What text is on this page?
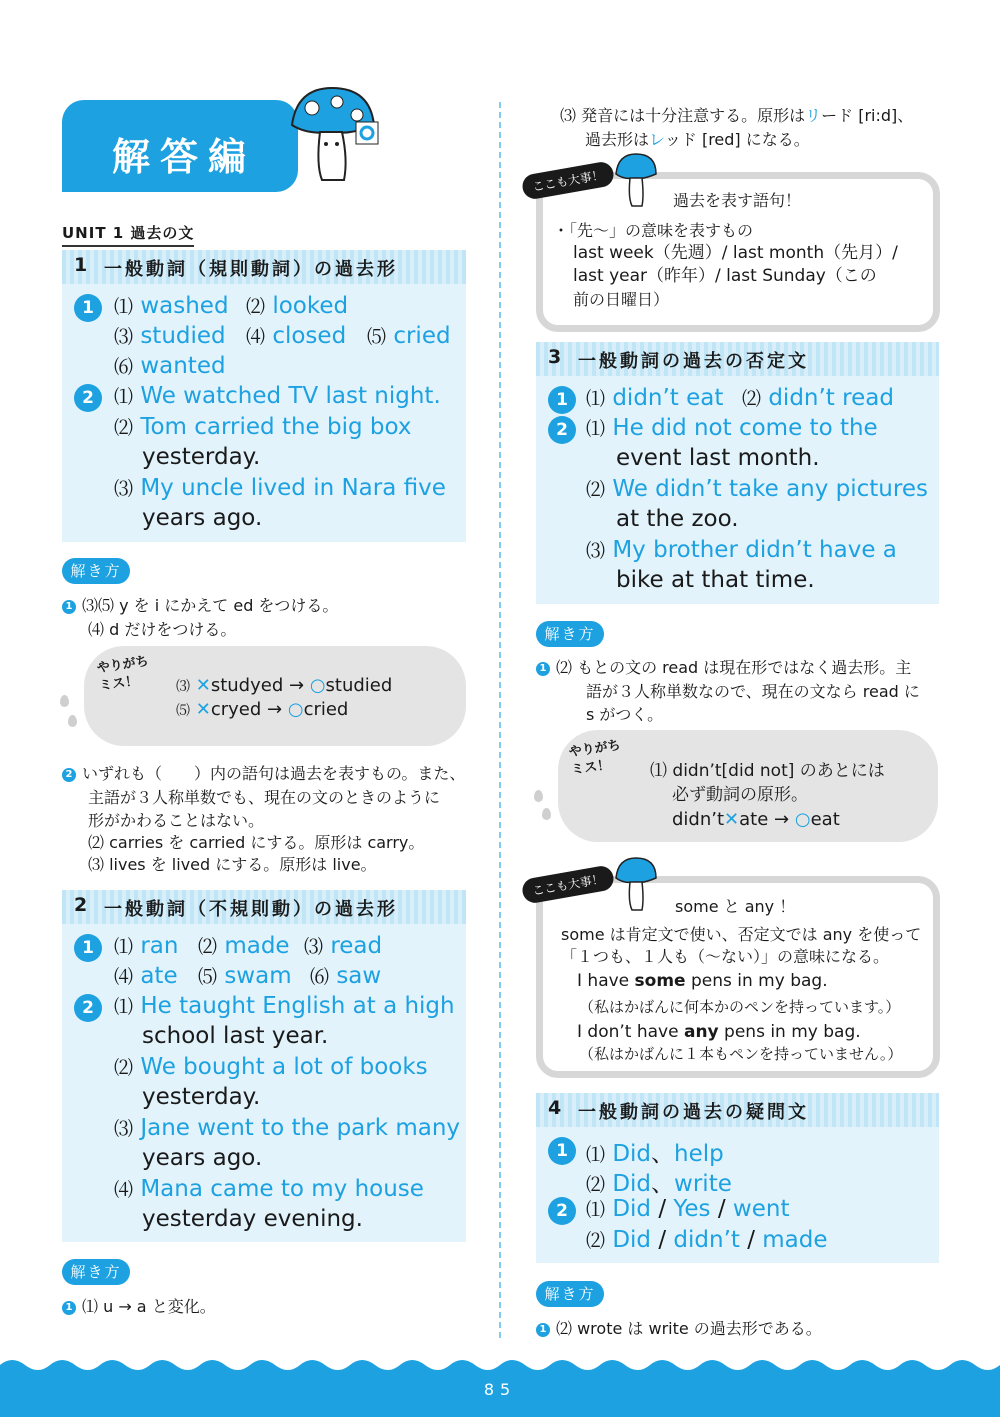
解答編
UNIT 1 過去の文
1 一般動詞（規則動詞）の過去形
1	⑴ washed ⑵ looked
⑶ studied ⑷ closed ⑸ cried
⑹ wanted
2	⑴ We watched TV last night.
⑵ Tom carried the big box
yesterday.
⑶ My uncle lived in Nara five
years ago.
解き方
1 ⑶⑸ y を i にかえて ed をつける。
⑷ d だけをつける。
やりがち ミス！	⑶ ✕studyed → ○studied
⑸ ✕cryed → ○cried
2 いずれも（　　）内の語句は過去を表すもの。また、
主語が３人称単数でも、現在の文のときのように
形がかわることはない。
⑵ carries を carried にする。原形は carry。
⑶ lives を lived にする。原形は live。
2 一般動詞（不規則動）の過去形
1	⑴ ran ⑵ made ⑶ read
⑷ ate ⑸ swam ⑹ saw
2	⑴ He taught English at a high
school last year.
⑵ We bought a lot of books
yesterday.
⑶ Jane went to the park many
years ago.
⑷ Mana came to my house
yesterday evening.
解き方
1 ⑴ u → a と変化。
⑶ 発音には十分注意する。原形はリード [ri:d]、
過去形はレッド [red] になる。
過去を表す語句！
・「先～」の意味を表すもの
last week（先週）/ last month（先月）/
last year（昨年）/ last Sunday（この
前の日曜日）
ここも大事！
3 一般動詞の過去の否定文
1 ⑴ didn’t eat ⑵ didn’t read
2 ⑴ He did not come to the
event last month.
⑵ We didn’t take any pictures
at the zoo.
⑶ My brother didn’t have a
bike at that time.
解き方
1 ⑵ もとの文の read は現在形ではなく過去形。主
語が３人称単数なので、現在の文なら read に
s がつく。
やりがち ミス！	⑴ didn’t[did not] のあとには
必ず動詞の原形。
didn’t✕ate → ○eat
some と any ！
some は肯定文で使い、否定文では any を使って
「１つも、１人も（～ない）」の意味になる。
I have some pens in my bag.
（私はかばんに何本かのペンを持っています。）
I don’t have any pens in my bag.
（私はかばんに１本もペンを持っていません。）
ここも大事！
4 一般動詞の過去の疑問文
1 ⑴ Did、help
⑵ Did、write
2 ⑴ Did / Yes / went
⑵ Did / didn’t / made
解き方
1 ⑵ wrote は write の過去形である。
85
